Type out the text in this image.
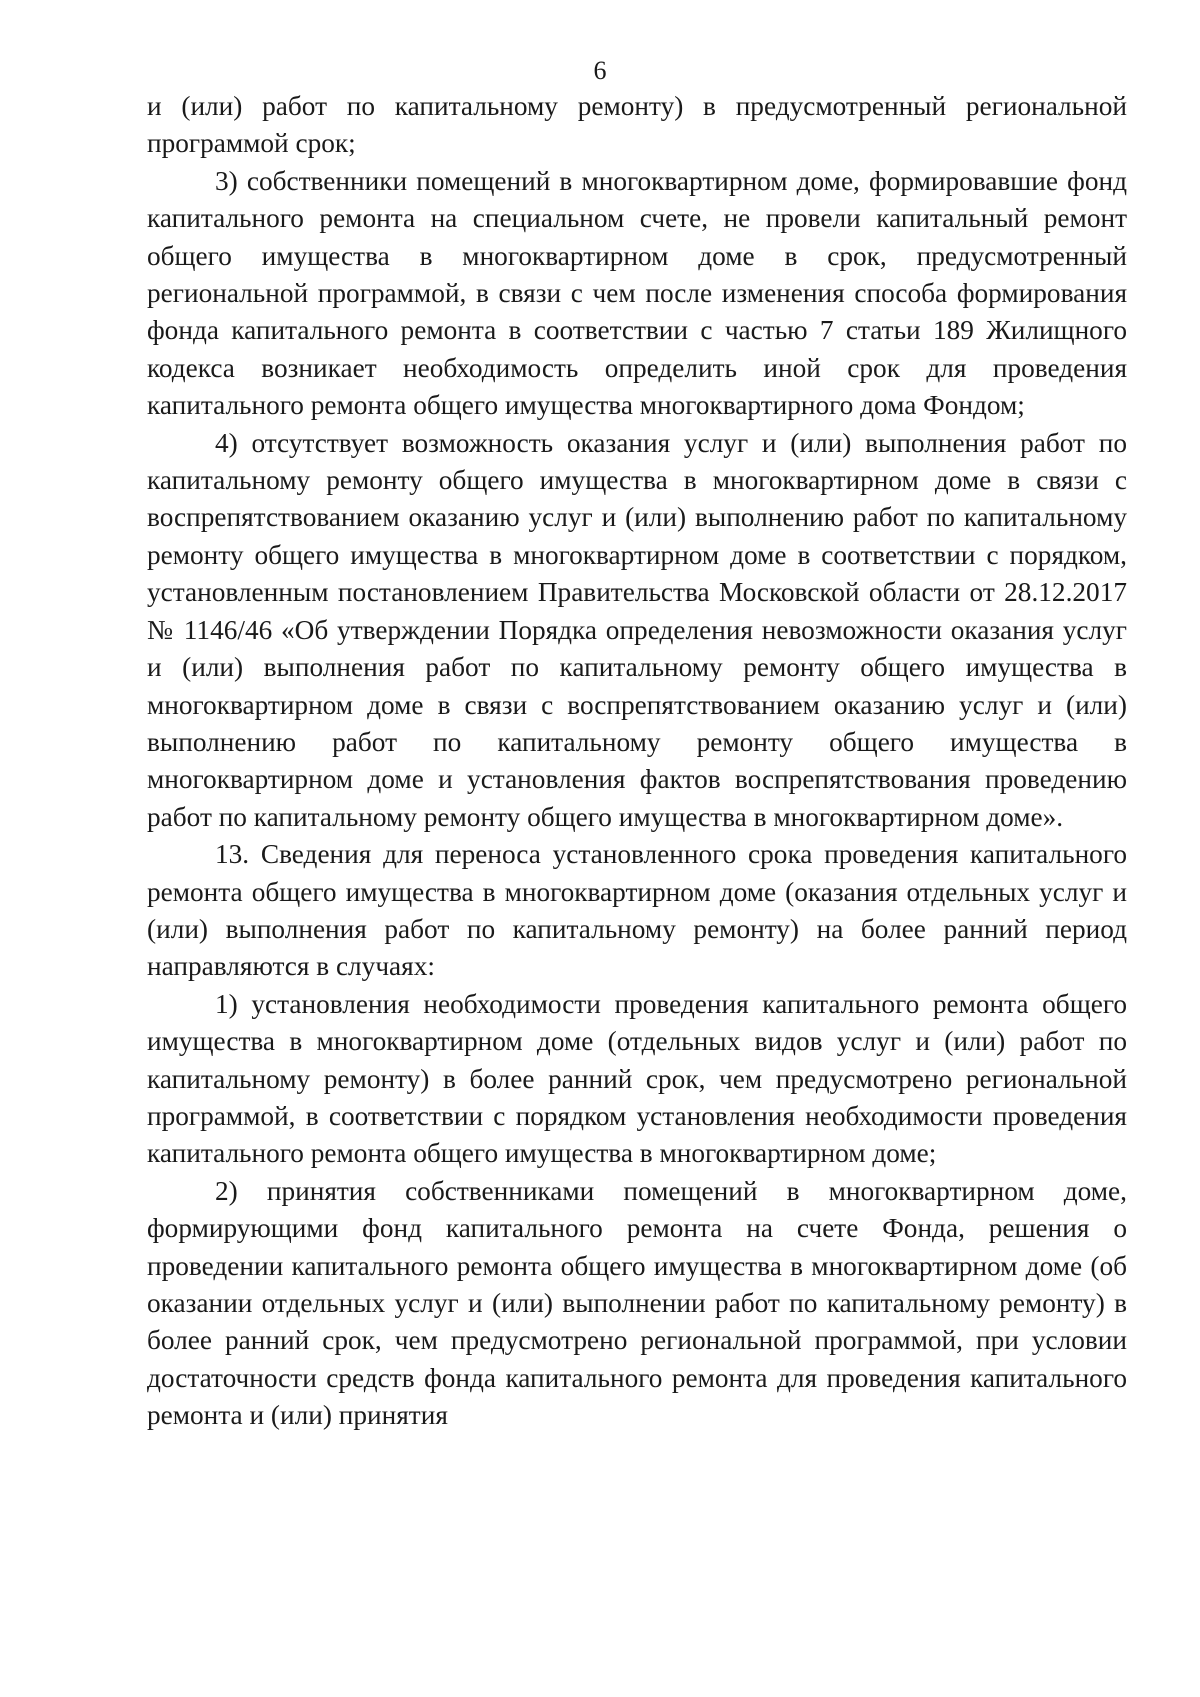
6

и (или) работ по капитальному ремонту) в предусмотренный региональной программой срок;

3) собственники помещений в многоквартирном доме, формировавшие фонд капитального ремонта на специальном счете, не провели капитальный ремонт общего имущества в многоквартирном доме в срок, предусмотренный региональной программой, в связи с чем после изменения способа формирования фонда капитального ремонта в соответствии с частью 7 статьи 189 Жилищного кодекса возникает необходимость определить иной срок для проведения капитального ремонта общего имущества многоквартирного дома Фондом;

4) отсутствует возможность оказания услуг и (или) выполнения работ по капитальному ремонту общего имущества в многоквартирном доме в связи с воспрепятствованием оказанию услуг и (или) выполнению работ по капитальному ремонту общего имущества в многоквартирном доме в соответствии с порядком, установленным постановлением Правительства Московской области от 28.12.2017 № 1146/46 «Об утверждении Порядка определения невозможности оказания услуг и (или) выполнения работ по капитальному ремонту общего имущества в многоквартирном доме в связи с воспрепятствованием оказанию услуг и (или) выполнению работ по капитальному ремонту общего имущества в многоквартирном доме и установления фактов воспрепятствования проведению работ по капитальному ремонту общего имущества в многоквартирном доме».

13. Сведения для переноса установленного срока проведения капитального ремонта общего имущества в многоквартирном доме (оказания отдельных услуг и (или) выполнения работ по капитальному ремонту) на более ранний период направляются в случаях:

1) установления необходимости проведения капитального ремонта общего имущества в многоквартирном доме (отдельных видов услуг и (или) работ по капитальному ремонту) в более ранний срок, чем предусмотрено региональной программой, в соответствии с порядком установления необходимости проведения капитального ремонта общего имущества в многоквартирном доме;

2) принятия собственниками помещений в многоквартирном доме, формирующими фонд капитального ремонта на счете Фонда, решения о проведении капитального ремонта общего имущества в многоквартирном доме (об оказании отдельных услуг и (или) выполнении работ по капитальному ремонту) в более ранний срок, чем предусмотрено региональной программой, при условии достаточности средств фонда капитального ремонта для проведения капитального ремонта и (или) принятия
